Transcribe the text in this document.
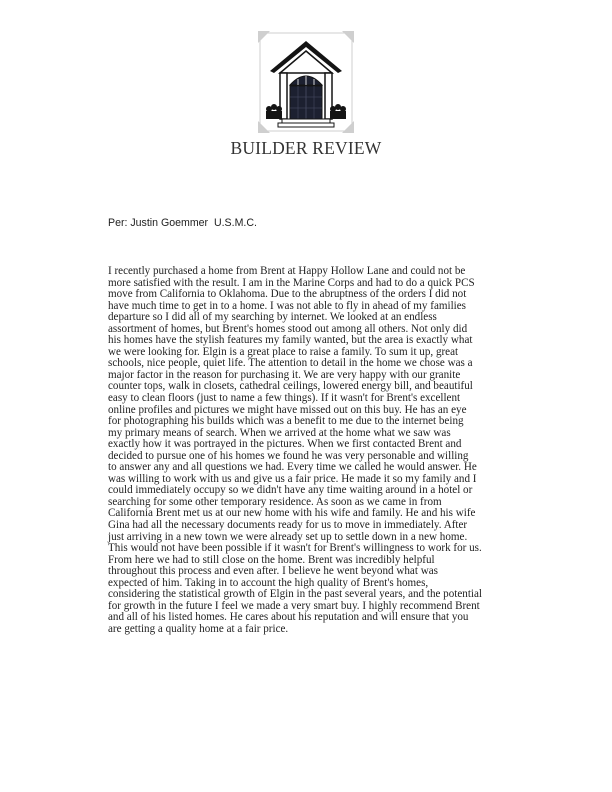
BUILDER REVIEW
Per: Justin Goemmer  U.S.M.C.
I recently purchased a home from Brent at Happy Hollow Lane and could not be
more satisfied with the result. I am in the Marine Corps and had to do a quick PCS
move from California to Oklahoma. Due to the abruptness of the orders I did not
have much time to get in to a home. I was not able to fly in ahead of my families
departure so I did all of my searching by internet. We looked at an endless
assortment of homes, but Brent's homes stood out among all others. Not only did
his homes have the stylish features my family wanted, but the area is exactly what
we were looking for. Elgin is a great place to raise a family. To sum it up, great
schools, nice people, quiet life. The attention to detail in the home we chose was a
major factor in the reason for purchasing it. We are very happy with our granite
counter tops, walk in closets, cathedral ceilings, lowered energy bill, and beautiful
easy to clean floors (just to name a few things). If it wasn't for Brent's excellent
online profiles and pictures we might have missed out on this buy. He has an eye
for photographing his builds which was a benefit to me due to the internet being
my primary means of search. When we arrived at the home what we saw was
exactly how it was portrayed in the pictures. When we first contacted Brent and
decided to pursue one of his homes we found he was very personable and willing
to answer any and all questions we had. Every time we called he would answer. He
was willing to work with us and give us a fair price. He made it so my family and I
could immediately occupy so we didn't have any time waiting around in a hotel or
searching for some other temporary residence. As soon as we came in from
California Brent met us at our new home with his wife and family. He and his wife
Gina had all the necessary documents ready for us to move in immediately. After
just arriving in a new town we were already set up to settle down in a new home.
This would not have been possible if it wasn't for Brent's willingness to work for us.
From here we had to still close on the home. Brent was incredibly helpful
throughout this process and even after. I believe he went beyond what was
expected of him. Taking in to account the high quality of Brent's homes,
considering the statistical growth of Elgin in the past several years, and the potential
for growth in the future I feel we made a very smart buy. I highly recommend Brent
and all of his listed homes. He cares about his reputation and will ensure that you
are getting a quality home at a fair price.
